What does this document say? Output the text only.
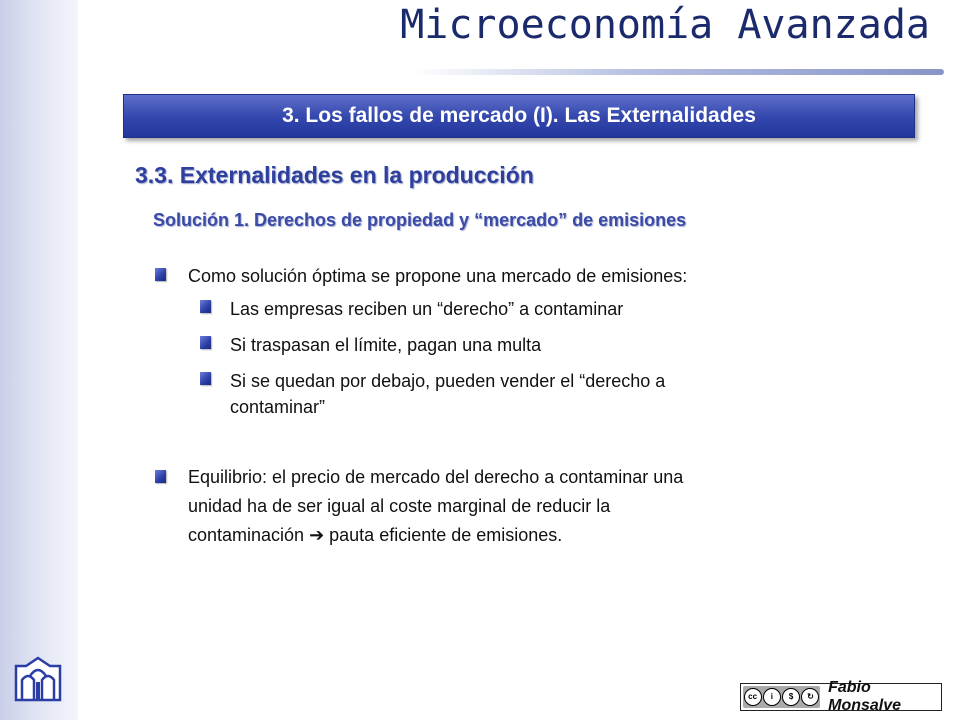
Microeconomía Avanzada
3. Los fallos de mercado (I). Las Externalidades
3.3. Externalidades en la producción
Solución 1. Derechos de propiedad y “mercado” de emisiones
Como solución óptima se propone una mercado de emisiones:
Las empresas reciben un “derecho” a contaminar
Si traspasan el límite, pagan una multa
Si se quedan por debajo, pueden vender el “derecho a
contaminar”
Equilibrio: el precio de mercado del derecho a contaminar una
unidad ha de ser igual al coste marginal de reducir la
contaminación ➔ pauta eficiente de emisiones.
cc	i	$	↻
Fabio Monsalve
